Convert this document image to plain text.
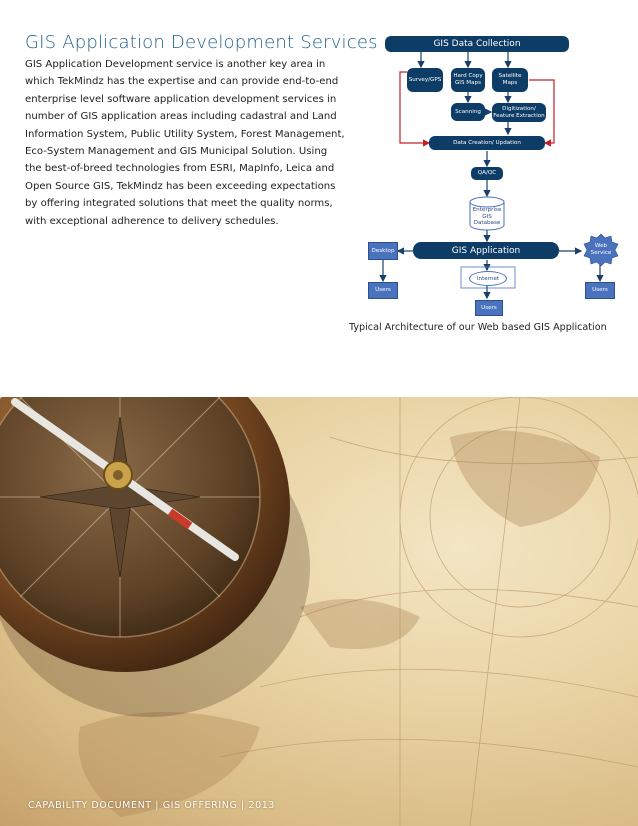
GIS Application Development Services
GIS Application Development service is another key area in
which TekMindz has the expertise and can provide end-to-end
enterprise level software application development services in
number of GIS application areas including cadastral and Land
Information System, Public Utility System, Forest Management,
Eco-System Management and GIS Municipal Solution. Using
the best-of-breed technologies from ESRI, MapInfo, Leica and
Open Source GIS, TekMindz has been exceeding expectations
by offering integrated solutions that meet the quality norms,
with exceptional adherence to delivery schedules.
GIS Data Collection
Survey/GPS
Hard Copy GIS Maps
Satellite Maps
Scanning	Digitization/ Feature Extraction
Data Creation/ Updation
QA/QC
Enterprise GIS Database
GIS Application
Desktop
Web Service
Internet
Users
Users
Users
Typical Architecture of our Web based GIS Application
CAPABILITY DOCUMENT | GIS OFFERING | 2013
